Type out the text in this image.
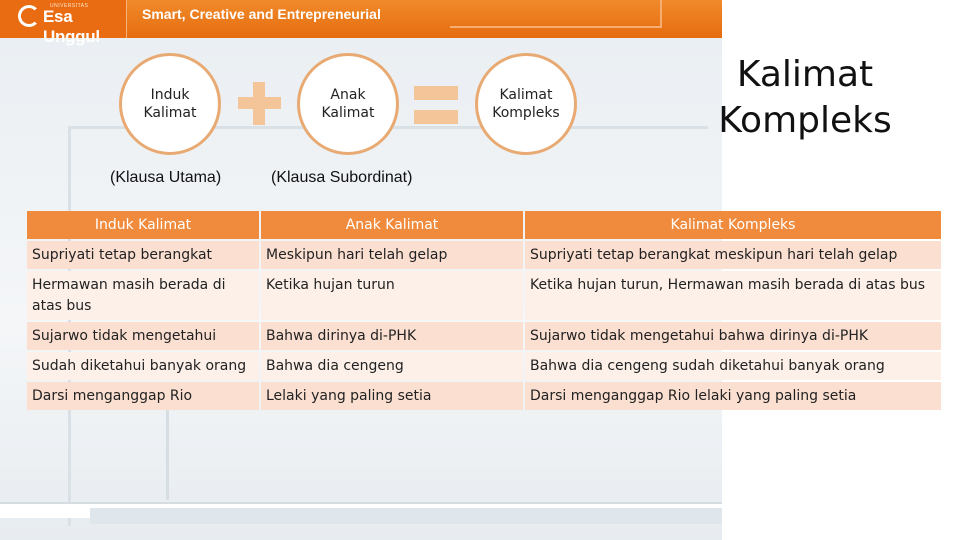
UNIVERSITAS
Esa Unggul
Smart, Creative and Entrepreneurial
Induk Kalimat
Anak Kalimat
Kalimat Kompleks
(Klausa Utama)	(Klausa Subordinat)
Kalimat Kompleks
Induk Kalimat	Anak Kalimat	Kalimat Kompleks
Supriyati tetap berangkat	Meskipun hari telah gelap	Supriyati tetap berangkat meskipun hari telah gelap
Hermawan masih berada di atas bus	Ketika hujan turun	Ketika hujan turun, Hermawan masih berada di atas bus
Sujarwo tidak mengetahui	Bahwa dirinya di-PHK	Sujarwo tidak mengetahui bahwa dirinya di-PHK
Sudah diketahui banyak orang	Bahwa dia cengeng	Bahwa dia cengeng sudah diketahui banyak orang
Darsi menganggap Rio	Lelaki yang paling setia	Darsi menganggap Rio lelaki yang paling setia
